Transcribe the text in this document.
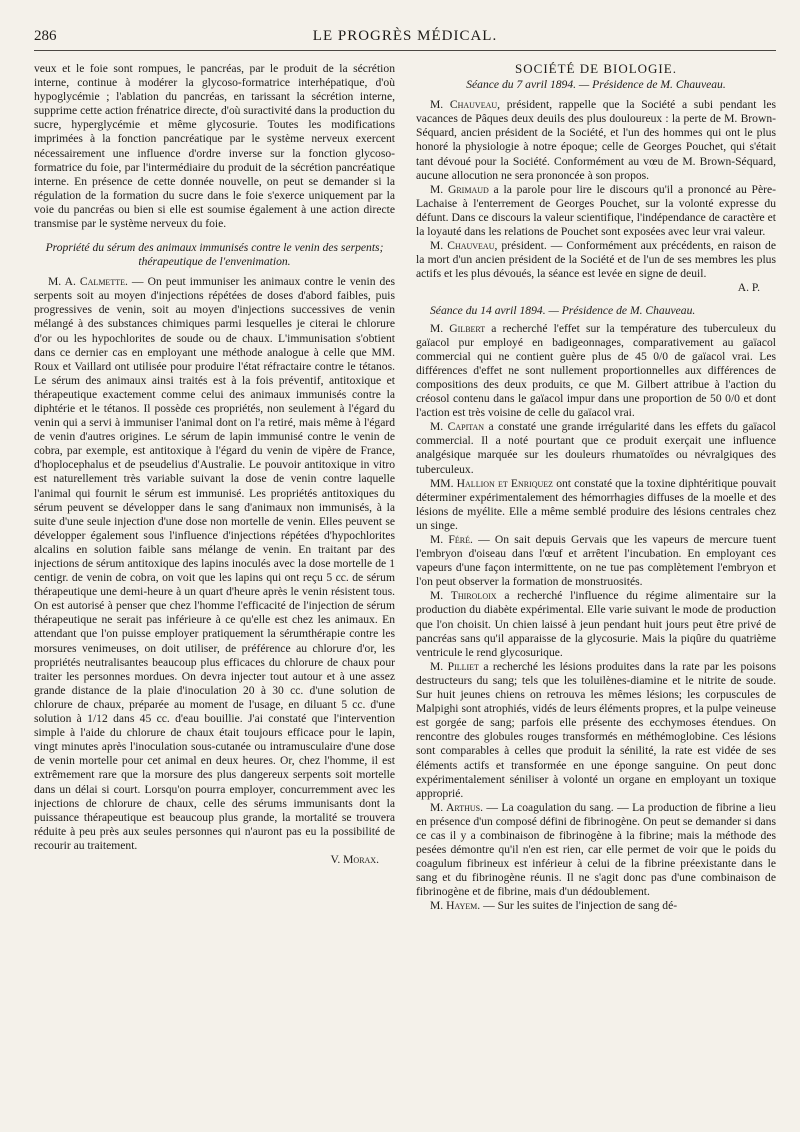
286	LE PROGRÈS MÉDICAL.

veux et le foie sont rompues, le pancréas, par le produit de la sécrétion interne, continue à modérer la glycoso-formatrice interhépatique, d'où hypoglycémie ; l'ablation du pancréas, en tarissant la sécrétion interne, supprime cette action frénatrice directe, d'où suractivité dans la production du sucre, hyperglycémie et même glycosurie. Toutes les modifications imprimées à la fonction pancréatique par le système nerveux exercent nécessairement une influence d'ordre inverse sur la fonction glycoso-formatrice du foie, par l'intermédiaire du produit de la sécrétion pancréatique interne. En présence de cette donnée nouvelle, on peut se demander si la régulation de la formation du sucre dans le foie s'exerce uniquement par la voie du pancréas ou bien si elle est soumise également à une action directe transmise par le système nerveux du foie.

Propriété du sérum des animaux immunisés contre le venin des serpents; thérapeutique de l'envenimation.

M. A. Calmette. — On peut immuniser les animaux contre le venin des serpents soit au moyen d'injections répétées de doses d'abord faibles, puis progressives de venin, soit au moyen d'injections successives de venin mélangé à des substances chimiques parmi lesquelles je citerai le chlorure d'or ou les hypochlorites de soude ou de chaux. L'immunisation s'obtient dans ce dernier cas en employant une méthode analogue à celle que MM. Roux et Vaillard ont utilisée pour produire l'état réfractaire contre le tétanos. Le sérum des animaux ainsi traités est à la fois préventif, antitoxique et thérapeutique exactement comme celui des animaux immunisés contre la diphtérie et le tétanos. Il possède ces propriétés, non seulement à l'égard du venin qui a servi à immuniser l'animal dont on l'a retiré, mais même à l'égard de venin d'autres origines. Le sérum de lapin immunisé contre le venin de cobra, par exemple, est antitoxique à l'égard du venin de vipère de France, d'hoplocephalus et de pseudelius d'Australie. Le pouvoir antitoxique in vitro est naturellement très variable suivant la dose de venin contre laquelle l'animal qui fournit le sérum est immunisé. Les propriétés antitoxiques du sérum peuvent se développer dans le sang d'animaux non immunisés, à la suite d'une seule injection d'une dose non mortelle de venin. Elles peuvent se développer également sous l'influence d'injections répétées d'hypochlorites alcalins en solution faible sans mélange de venin. En traitant par des injections de sérum antitoxique des lapins inoculés avec la dose mortelle de 1 centigr. de venin de cobra, on voit que les lapins qui ont reçu 5 cc. de sérum thérapeutique une demi-heure à un quart d'heure après le venin résistent tous. On est autorisé à penser que chez l'homme l'efficacité de l'injection de sérum thérapeutique ne serait pas inférieure à ce qu'elle est chez les animaux. En attendant que l'on puisse employer pratiquement la sérumthérapie contre les morsures venimeuses, on doit utiliser, de préférence au chlorure d'or, les propriétés neutralisantes beaucoup plus efficaces du chlorure de chaux pour traiter les personnes mordues. On devra injecter tout autour et à une assez grande distance de la plaie d'inoculation 20 à 30 cc. d'une solution de chlorure de chaux, préparée au moment de l'usage, en diluant 5 cc. d'une solution à 1/12 dans 45 cc. d'eau bouillie. J'ai constaté que l'intervention simple à l'aide du chlorure de chaux était toujours efficace pour le lapin, vingt minutes après l'inoculation sous-cutanée ou intramusculaire d'une dose de venin mortelle pour cet animal en deux heures. Or, chez l'homme, il est extrêmement rare que la morsure des plus dangereux serpents soit mortelle dans un délai si court. Lorsqu'on pourra employer, concurremment avec les injections de chlorure de chaux, celle des sérums immunisants dont la puissance thérapeutique est beaucoup plus grande, la mortalité se trouvera réduite à peu près aux seules personnes qui n'auront pas eu la possibilité de recourir au traitement.

V. Morax.

SOCIÉTÉ DE BIOLOGIE.

Séance du 7 avril 1894. — Présidence de M. Chauveau.

M. Chauveau, président, rappelle que la Société a subi pendant les vacances de Pâques deux deuils des plus douloureux : la perte de M. Brown-Séquard, ancien président de la Société, et l'un des hommes qui ont le plus honoré la physiologie à notre époque; celle de Georges Pouchet, qui s'était tant dévoué pour la Société. Conformément au vœu de M. Brown-Séquard, aucune allocution ne sera prononcée à son propos.

M. Grimaud a la parole pour lire le discours qu'il a prononcé au Père-Lachaise à l'enterrement de Georges Pouchet, sur la volonté expresse du défunt. Dans ce discours la valeur scientifique, l'indépendance de caractère et la loyauté dans les relations de Pouchet sont exposées avec leur vrai valeur.

M. Chauveau, président. — Conformément aux précédents, en raison de la mort d'un ancien président de la Société et de l'un de ses membres les plus actifs et les plus dévoués, la séance est levée en signe de deuil.

A. P.

Séance du 14 avril 1894. — Présidence de M. Chauveau.

M. Gilbert a recherché l'effet sur la température des tuberculeux du gaïacol pur employé en badigeonnages, comparativement au gaïacol commercial qui ne contient guère plus de 45 0/0 de gaïacol vrai. Les différences d'effet ne sont nullement proportionnelles aux différences de compositions des deux produits, ce que M. Gilbert attribue à l'action du créosol contenu dans le gaïacol impur dans une proportion de 50 0/0 et dont l'action est très voisine de celle du gaïacol vrai.

M. Capitan a constaté une grande irrégularité dans les effets du gaïacol commercial. Il a noté pourtant que ce produit exerçait une influence analgésique marquée sur les douleurs rhumatoïdes ou névralgiques des tuberculeux.

MM. Hallion et Enriquez ont constaté que la toxine diphtéritique pouvait déterminer expérimentalement des hémorrhagies diffuses de la moelle et des lésions de myélite. Elle a même semblé produire des lésions centrales chez un singe.

M. Féré. — On sait depuis Gervais que les vapeurs de mercure tuent l'embryon d'oiseau dans l'œuf et arrêtent l'incubation. En employant ces vapeurs d'une façon intermittente, on ne tue pas complètement l'embryon et l'on peut observer la formation de monstruosités.

M. Thiroloix a recherché l'influence du régime alimentaire sur la production du diabète expérimental. Elle varie suivant le mode de production que l'on choisit. Un chien laissé à jeun pendant huit jours peut être privé de pancréas sans qu'il apparaisse de la glycosurie. Mais la piqûre du quatrième ventricule le rend glycosurique.

M. Pilliet a recherché les lésions produites dans la rate par les poisons destructeurs du sang; tels que les toluilènes-diamine et le nitrite de soude. Sur huit jeunes chiens on retrouva les mêmes lésions; les corpuscules de Malpighi sont atrophiés, vidés de leurs éléments propres, et la pulpe veineuse est gorgée de sang; parfois elle présente des ecchymoses étendues. On rencontre des globules rouges transformés en méthémoglobine. Ces lésions sont comparables à celles que produit la sénilité, la rate est vidée de ses éléments actifs et transformée en une éponge sanguine. On peut donc expérimentalement séniliser à volonté un organe en employant un toxique approprié.

M. Arthus. — La coagulation du sang. — La production de fibrine a lieu en présence d'un composé défini de fibrinogène. On peut se demander si dans ce cas il y a combinaison de fibrinogène à la fibrine; mais la méthode des pesées démontre qu'il n'en est rien, car elle permet de voir que le poids du coagulum fibrineux est inférieur à celui de la fibrine préexistante dans le sang et du fibrinogène réunis. Il ne s'agit donc pas d'une combinaison de fibrinogène et de fibrine, mais d'un dédoublement.

M. Hayem. — Sur les suites de l'injection de sang dé-
